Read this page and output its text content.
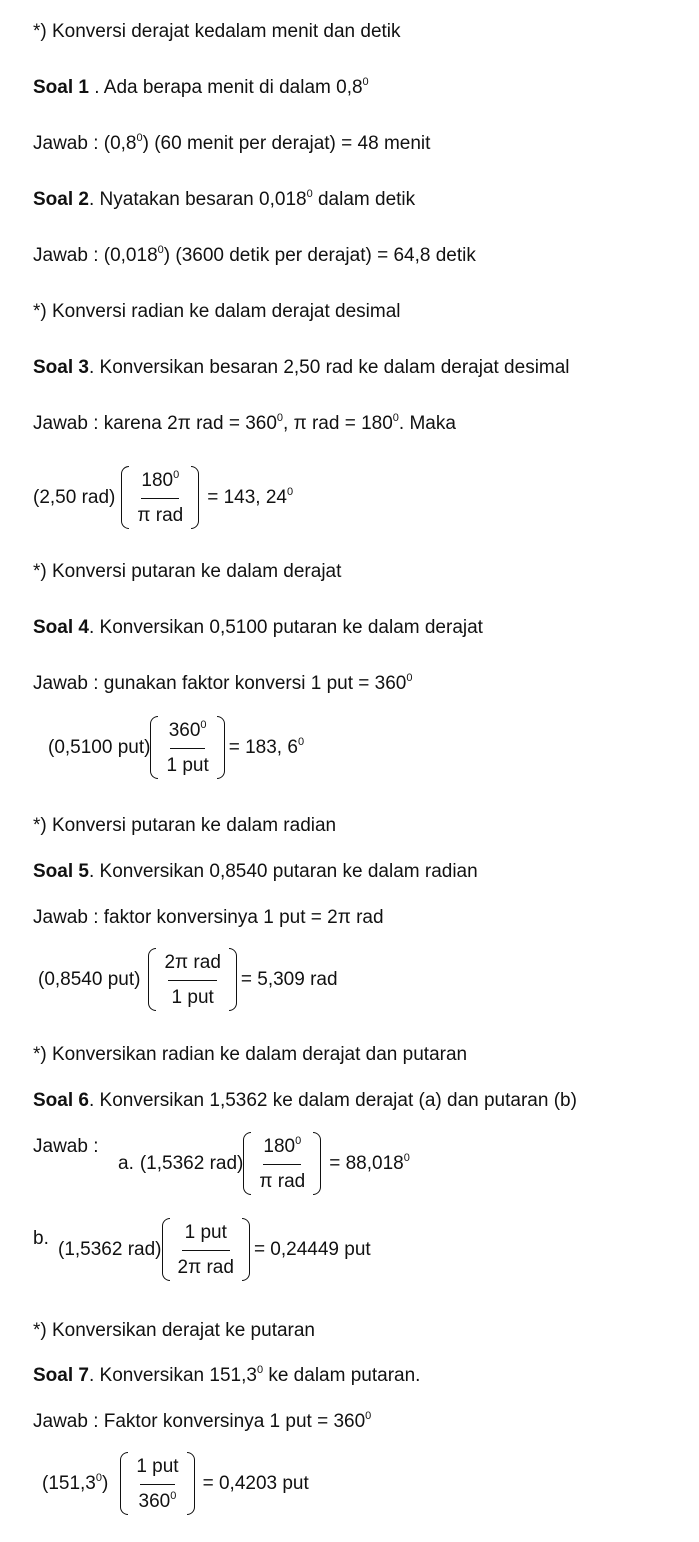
*) Konversi derajat kedalam menit dan detik
Soal 1 . Ada berapa menit di dalam $0,8^0$
Jawab : $(0,8^0)$ (60 menit per derajat) = 48 menit
Soal 2. Nyatakan besaran 0,018$^0$ dalam detik
Jawab : (0,018$^0$) (3600 detik per derajat) = 64,8 detik
*) Konversi radian ke dalam derajat desimal
Soal 3. Konversikan besaran 2,50 rad ke dalam derajat desimal
Jawab : karena 2π rad = $360^0$, π rad = $180^0$. Maka
(2,50 $rad) \frac{180^0}{\text{π rad}} = 143$, $24^0$
*) Konversi putaran ke dalam derajat
Soal 4. Konversikan 0,5100 putaran ke dalam derajat
Jawab : gunakan faktor konversi 1 put = $360^0$
(0,5100 $put) \frac{360^0}{\text{1 put}} = 183$, $6^0$
*) Konversi putaran ke dalam radian
Soal 5. Konversikan 0,8540 putaran ke dalam radian
Jawab : faktor konversinya 1 put = 2π rad
(0,8540 $put) \frac{\text{2π rad}}{\text{1 put}} = 5,309$ rad
*) Konversikan radian ke dalam derajat dan putaran
Soal 6. Konversikan 1,5362 ke dalam derajat (a) dan putaran (b)
Jawab :
a. (1,5362 $rad) \frac{180^0}{\text{π rad}} = 88,018^0$
b. (1,5362 $rad) \frac{\text{1 put}}{\text{2π rad}} = 0,24449$ put
*) Konversikan derajat ke putaran
Soal 7. Konversikan 151,3$^0$ ke dalam putaran.
Jawab : Faktor konversinya 1 put = $360^0$
$(151,3^0) \frac{\text{1 put}}{360^0} = 0,4203$ put
